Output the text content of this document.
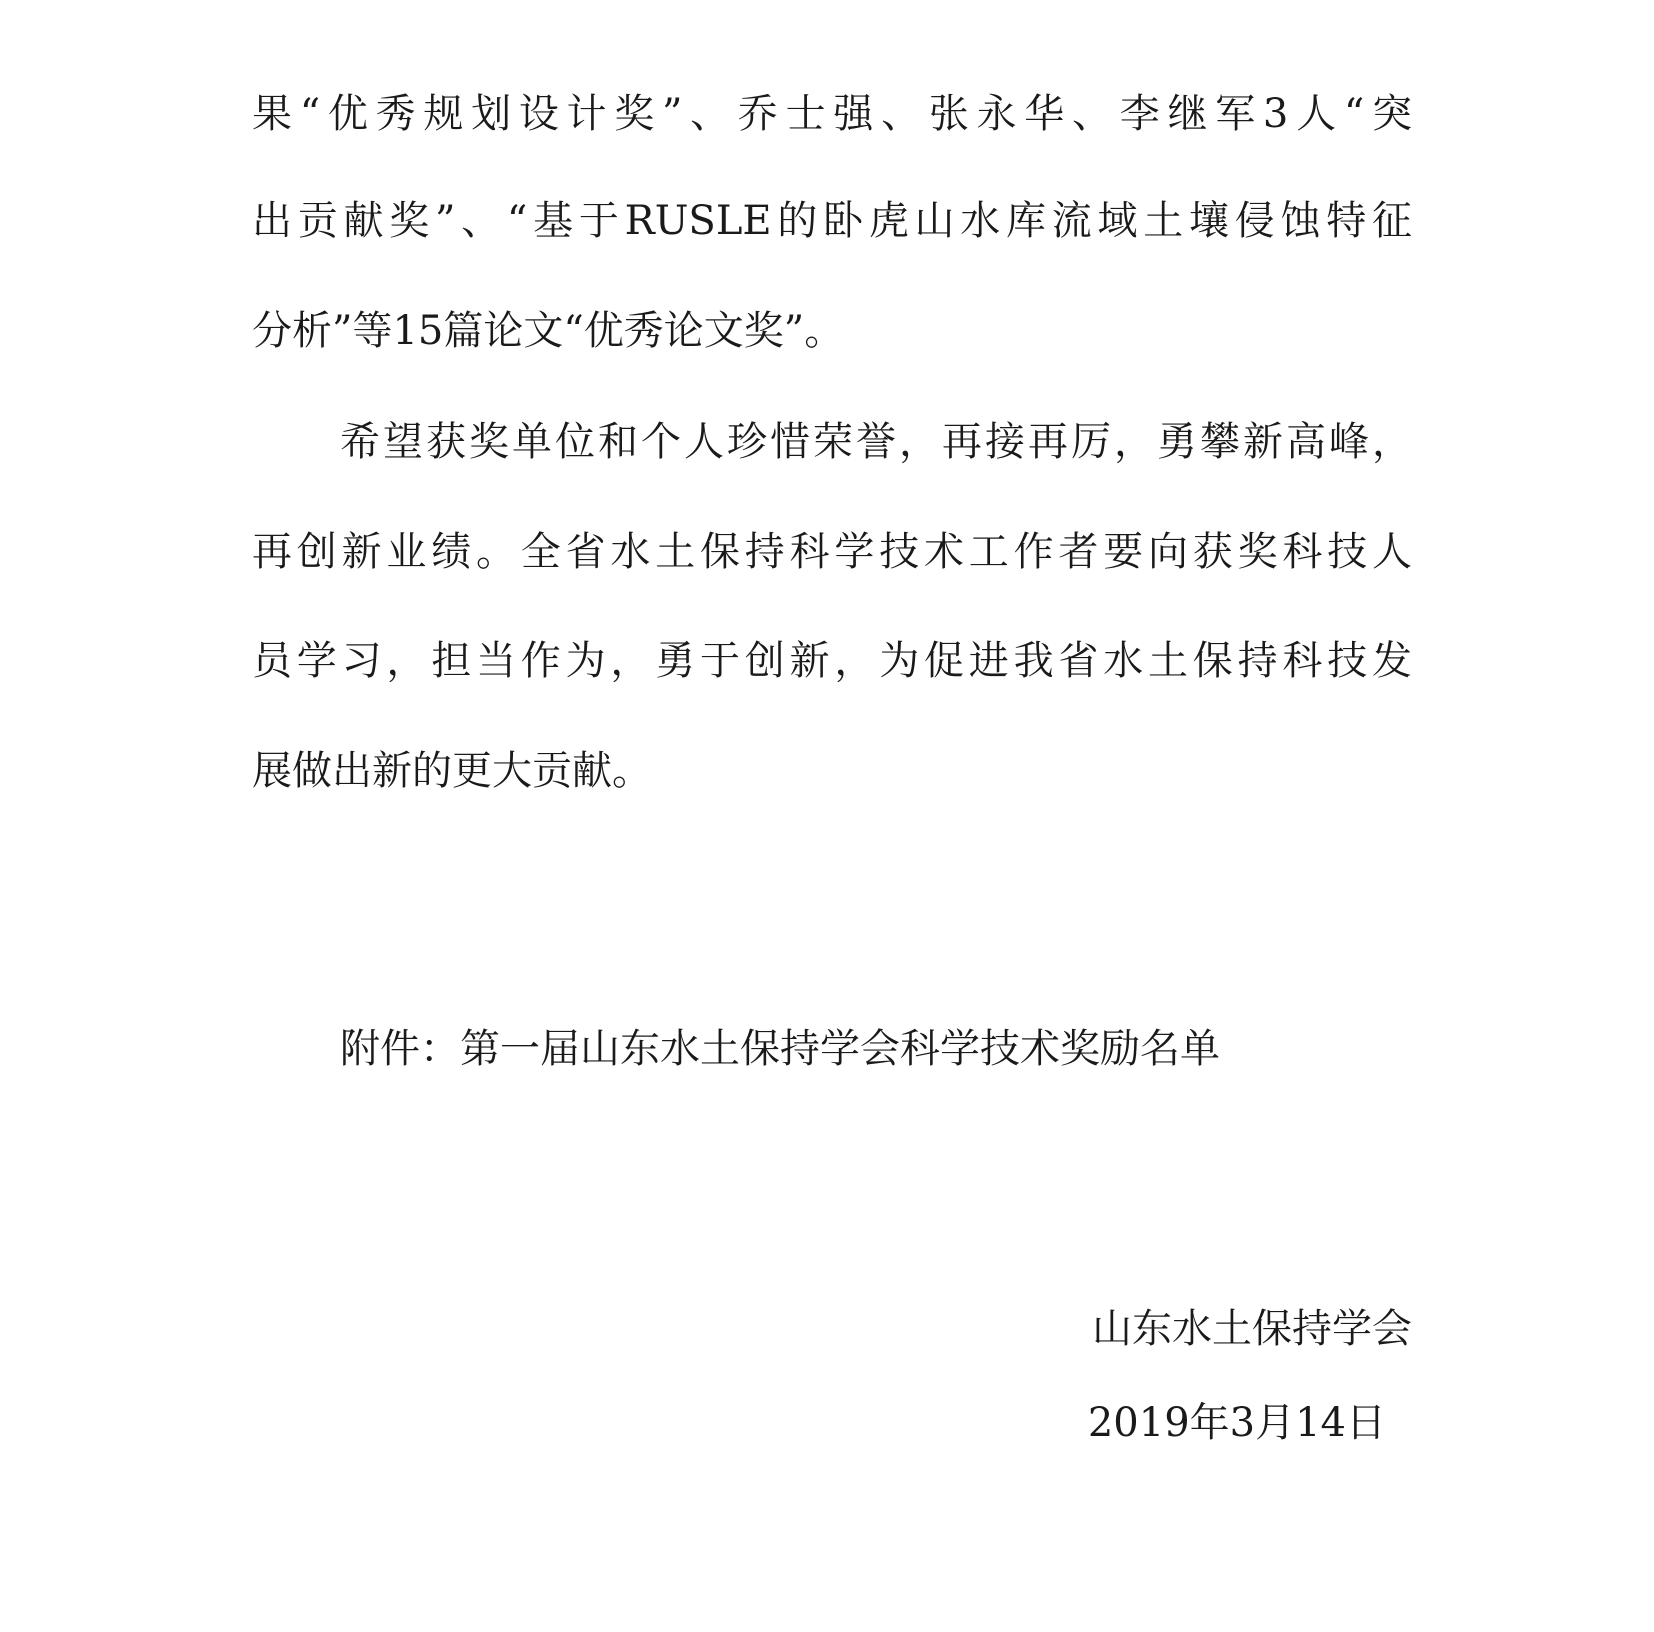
果“优秀规划设计奖”、乔士强、张永华、李继军3人“突
出贡献奖”、“基于RUSLE的卧虎山水库流域土壤侵蚀特征
分析”等15篇论文“优秀论文奖”。
希望获奖单位和个人珍惜荣誉，再接再厉，勇攀新高峰，
再创新业绩。全省水土保持科学技术工作者要向获奖科技人
员学习，担当作为，勇于创新，为促进我省水土保持科技发
展做出新的更大贡献。
附件：第一届山东水土保持学会科学技术奖励名单
山东水土保持学会
2019年3月14日
